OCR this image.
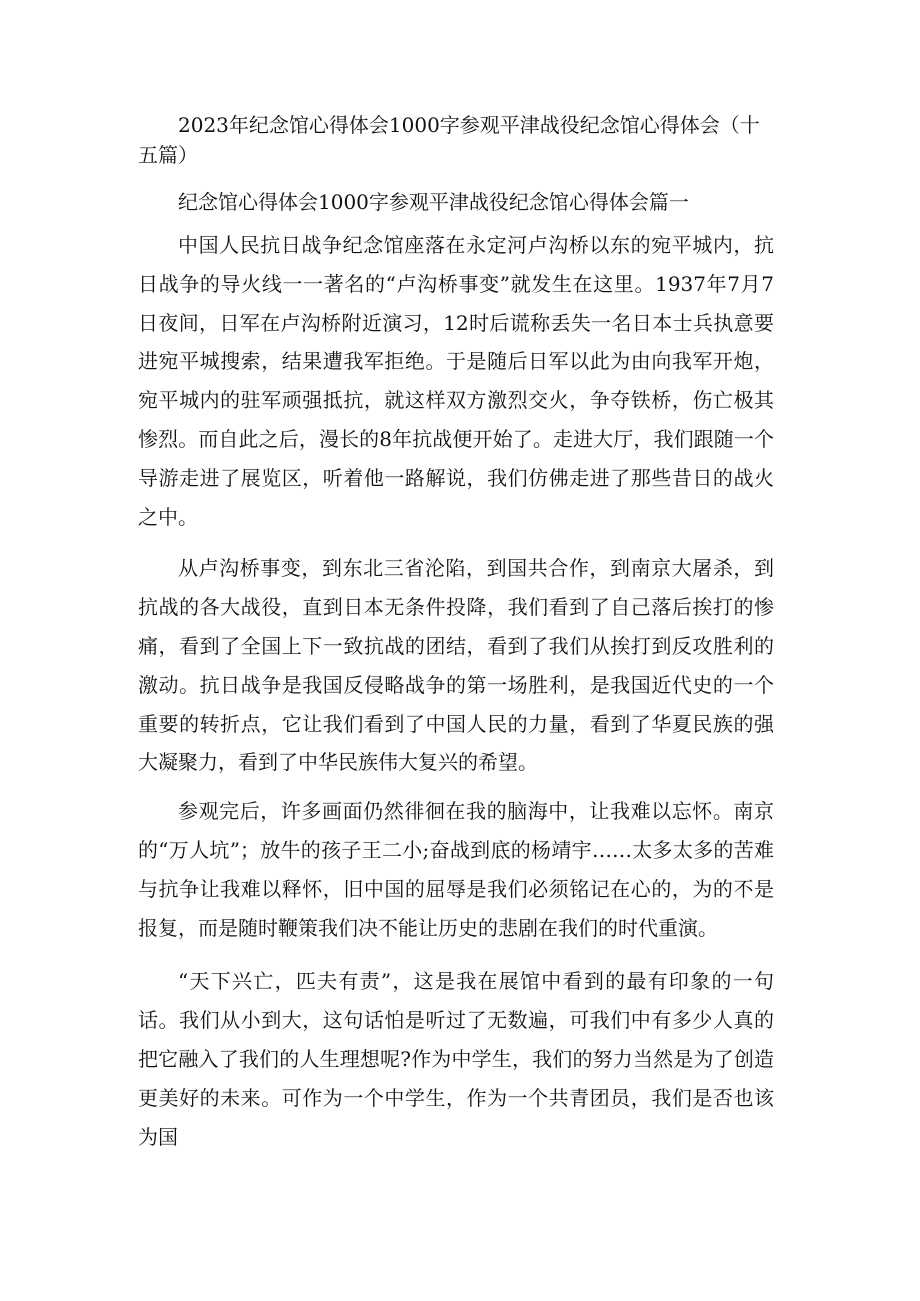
2023年纪念馆心得体会1000字参观平津战役纪念馆心得体会（十五篇）
纪念馆心得体会1000字参观平津战役纪念馆心得体会篇一

中国人民抗日战争纪念馆座落在永定河卢沟桥以东的宛平城内，抗日战争的导火线一一著名的“卢沟桥事变”就发生在这里。1937年7月7日夜间，日军在卢沟桥附近演习，12时后谎称丢失一名日本士兵执意要进宛平城搜索，结果遭我军拒绝。于是随后日军以此为由向我军开炮，宛平城内的驻军顽强抵抗，就这样双方激烈交火，争夺铁桥，伤亡极其惨烈。而自此之后，漫长的8年抗战便开始了。走进大厅，我们跟随一个导游走进了展览区，听着他一路解说，我们仿佛走进了那些昔日的战火之中。

从卢沟桥事变，到东北三省沦陷，到国共合作，到南京大屠杀，到抗战的各大战役，直到日本无条件投降，我们看到了自己落后挨打的惨痛，看到了全国上下一致抗战的团结，看到了我们从挨打到反攻胜利的激动。抗日战争是我国反侵略战争的第一场胜利，是我国近代史的一个重要的转折点，它让我们看到了中国人民的力量，看到了华夏民族的强大凝聚力，看到了中华民族伟大复兴的希望。

参观完后，许多画面仍然徘徊在我的脑海中，让我难以忘怀。南京的“万人坑”；放牛的孩子王二小;奋战到底的杨靖宇……太多太多的苦难与抗争让我难以释怀，旧中国的屈辱是我们必须铭记在心的，为的不是报复，而是随时鞭策我们决不能让历史的悲剧在我们的时代重演。

“天下兴亡，匹夫有责”，这是我在展馆中看到的最有印象的一句话。我们从小到大，这句话怕是听过了无数遍，可我们中有多少人真的把它融入了我们的人生理想呢?作为中学生，我们的努力当然是为了创造更美好的未来。可作为一个中学生，作为一个共青团员，我们是否也该为国
